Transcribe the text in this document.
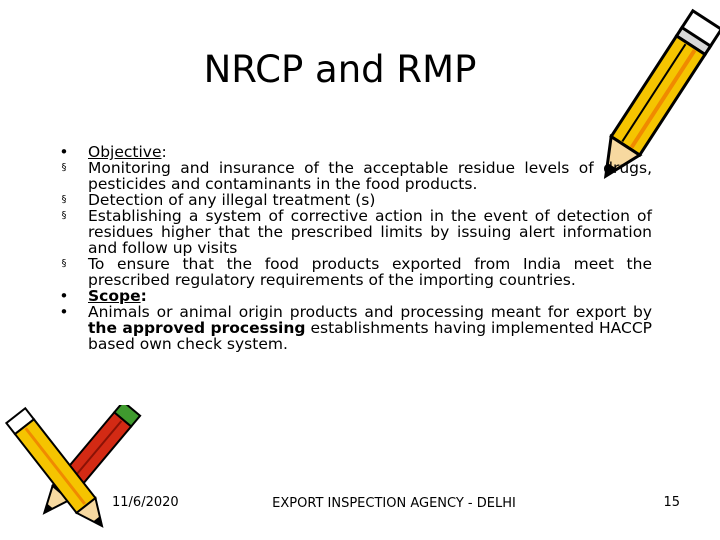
NRCP and RMP
• Objective:
§	Monitoring and insurance of the acceptable residue levels of drugs, pesticides and contaminants in the food products.
§	Detection of any illegal treatment (s)
§	Establishing a system of corrective action in the event of detection of residues higher that the prescribed limits by issuing alert information and follow up visits
§	To ensure that the food products exported from India meet the prescribed regulatory requirements of the importing countries.
• Scope:
• Animals or animal origin products and processing meant for export by the approved processing establishments having implemented HACCP based own check system.
11/6/2020	EXPORT INSPECTION AGENCY - DELHI	15
